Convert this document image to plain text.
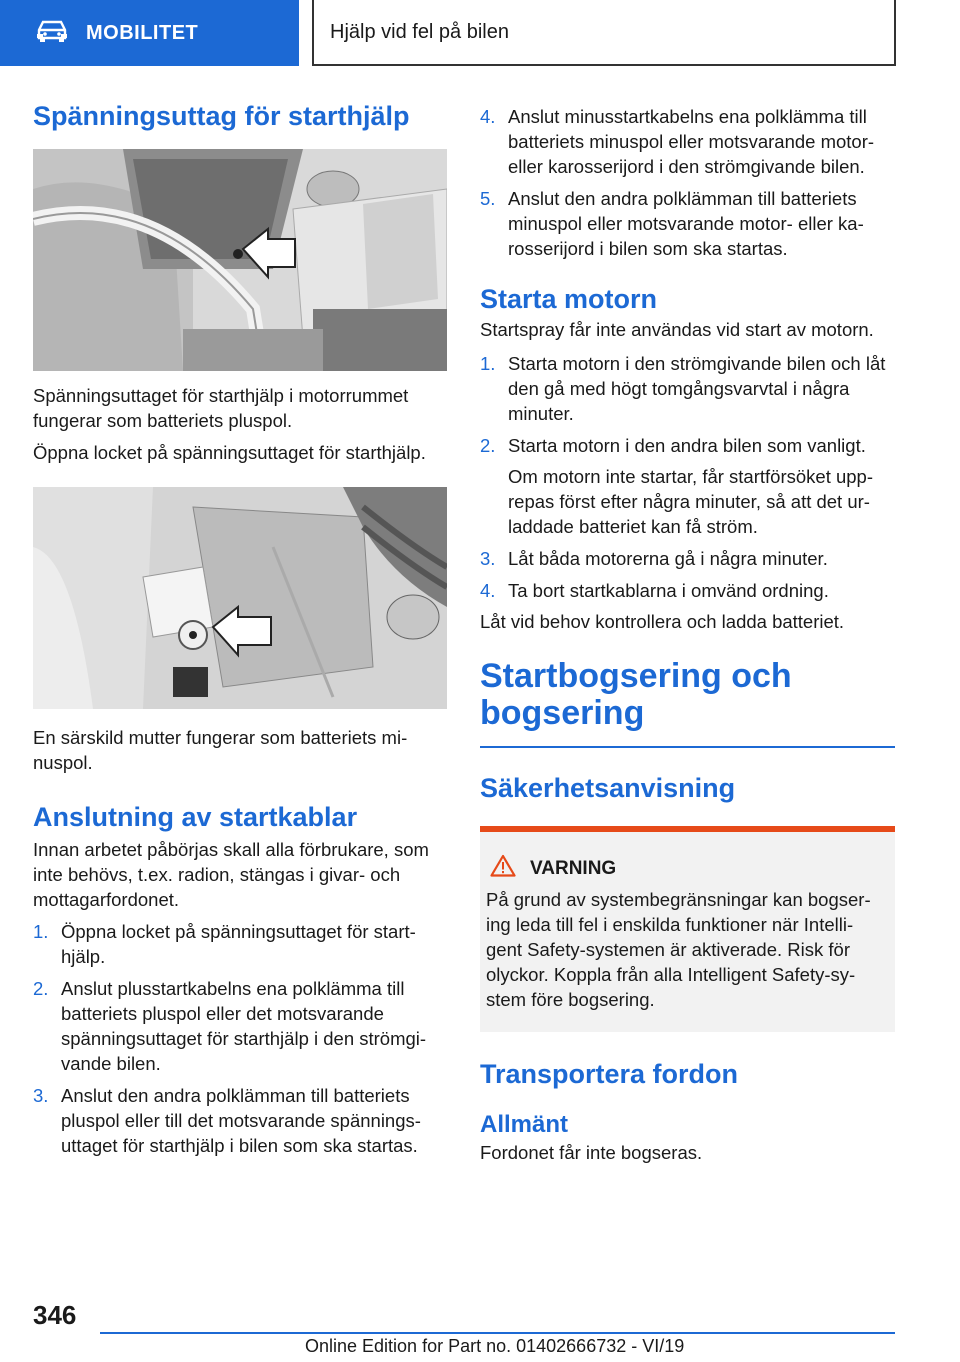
MOBILITET	Hjälp vid fel på bilen
Spänningsuttag för starthjälp

Spänningsuttaget för starthjälp i motorrummet fungerar som batteriets pluspol.

Öppna locket på spänningsuttaget för starthjälp.

En särskild mutter fungerar som batteriets mi-nuspol.

Anslutning av startkablar

Innan arbetet påbörjas skall alla förbrukare, som inte behövs, t.ex. radion, stängas i givar- och mottagarfordonet.

1. Öppna locket på spänningsuttaget för start-hjälp.
2. Anslut plusstartkabelns ena polklämma till batteriets pluspol eller det motsvarande spänningsuttaget för starthjälp i den strömgi-vande bilen.
3. Anslut den andra polklämman till batteriets pluspol eller till det motsvarande spännings-uttaget för starthjälp i bilen som ska startas.
4. Anslut minusstartkabelns ena polklämma till batteriets minuspol eller motsvarande motor- eller karosserijord i den strömgivande bilen.
5. Anslut den andra polklämman till batteriets minuspol eller motsvarande motor- eller ka-rosserijord i bilen som ska startas.
Starta motorn

Startspray får inte användas vid start av motorn.

1. Starta motorn i den strömgivande bilen och låt den gå med högt tomgångsvarvtal i några minuter.
2. Starta motorn i den andra bilen som vanligt.

Om motorn inte startar, får startförsöket upp-repas först efter några minuter, så att det ur-laddade batteriet kan få ström.

3. Låt båda motorerna gå i några minuter.
4. Ta bort startkablarna i omvänd ordning.

Låt vid behov kontrollera och ladda batteriet.

Startbogsering och bogsering
Säkerhetsanvisning
VARNING

På grund av systembegränsningar kan bogser-ing leda till fel i enskilda funktioner när Intelli-gent Safety-systemen är aktiverade. Risk för olyckor. Koppla från alla Intelligent Safety-sy-stem före bogsering.

Transportera fordon
Allmänt

Fordonet får inte bogseras.

346
Online Edition for Part no. 01402666732 - VI/19
